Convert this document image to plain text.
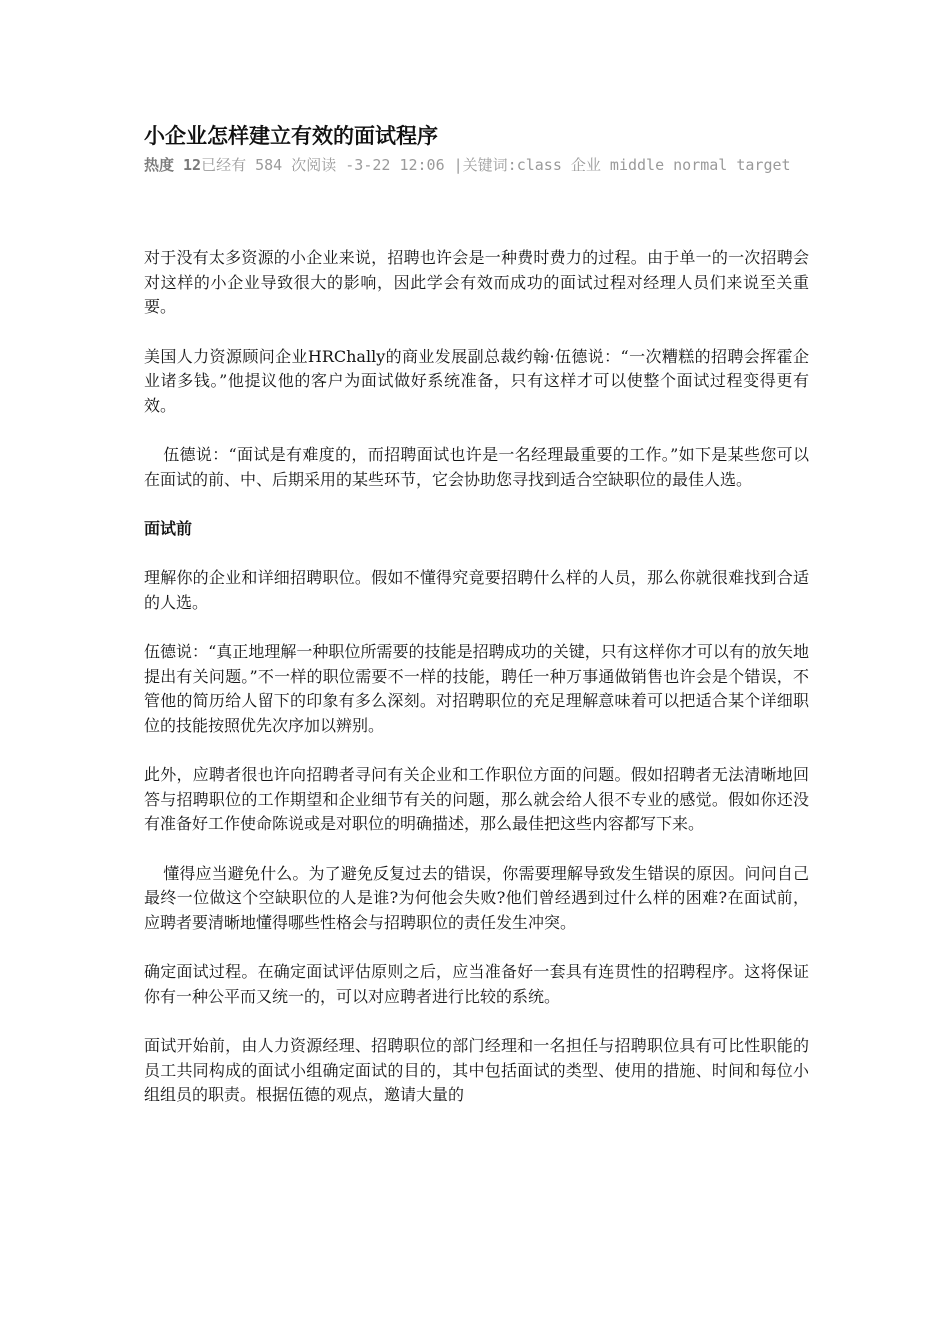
小企业怎样建立有效的面试程序

热度 12已经有 584 次阅读 -3-22 12:06 |关键词:class 企业 middle normal target

对于没有太多资源的小企业来说，招聘也许会是一种费时费力的过程。由于单一的一次招聘会对这样的小企业导致很大的影响，因此学会有效而成功的面试过程对经理人员们来说至关重要。

美国人力资源顾问企业HRChally的商业发展副总裁约翰·伍德说：“一次糟糕的招聘会挥霍企业诸多钱。”他提议他的客户为面试做好系统准备，只有这样才可以使整个面试过程变得更有效。

伍德说：“面试是有难度的，而招聘面试也许是一名经理最重要的工作。”如下是某些您可以在面试的前、中、后期采用的某些环节，它会协助您寻找到适合空缺职位的最佳人选。

面试前

理解你的企业和详细招聘职位。假如不懂得究竟要招聘什么样的人员，那么你就很难找到合适的人选。

伍德说：“真正地理解一种职位所需要的技能是招聘成功的关键，只有这样你才可以有的放矢地提出有关问题。”不一样的职位需要不一样的技能，聘任一种万事通做销售也许会是个错误，不管他的简历给人留下的印象有多么深刻。对招聘职位的充足理解意味着可以把适合某个详细职位的技能按照优先次序加以辨别。

此外，应聘者很也许向招聘者寻问有关企业和工作职位方面的问题。假如招聘者无法清晰地回答与招聘职位的工作期望和企业细节有关的问题，那么就会给人很不专业的感觉。假如你还没有准备好工作使命陈说或是对职位的明确描述，那么最佳把这些内容都写下来。

懂得应当避免什么。为了避免反复过去的错误，你需要理解导致发生错误的原因。问问自己最终一位做这个空缺职位的人是谁?为何他会失败?他们曾经遇到过什么样的困难?在面试前，应聘者要清晰地懂得哪些性格会与招聘职位的责任发生冲突。

确定面试过程。在确定面试评估原则之后，应当准备好一套具有连贯性的招聘程序。这将保证你有一种公平而又统一的，可以对应聘者进行比较的系统。

面试开始前，由人力资源经理、招聘职位的部门经理和一名担任与招聘职位具有可比性职能的员工共同构成的面试小组确定面试的目的，其中包括面试的类型、使用的措施、时间和每位小组组员的职责。根据伍德的观点，邀请大量的
